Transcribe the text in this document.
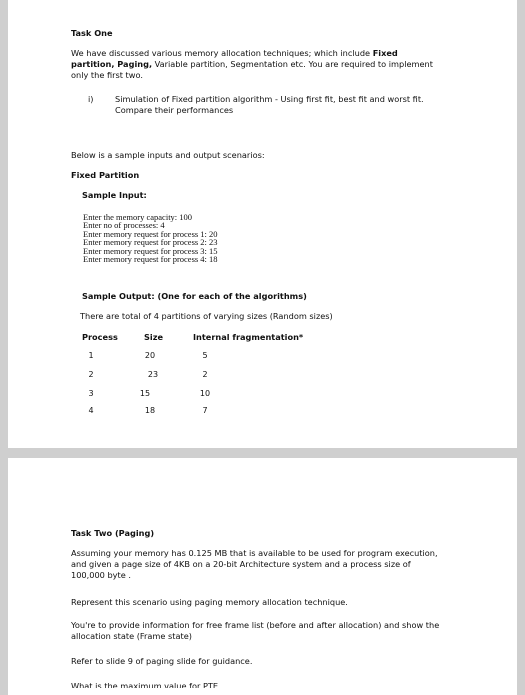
Task One
We have discussed various memory allocation techniques; which include Fixed partition, Paging, Variable partition, Segmentation etc. You are required to implement only the first two.
i)	Simulation of Fixed partition algorithm - Using first fit, best fit and worst fit. Compare their performances
Below is a sample inputs and output scenarios:
Fixed Partition
Sample Input:
Enter the memory capacity: 100
Enter no of processes: 4
Enter memory request for process 1: 20
Enter memory request for process 2: 23
Enter memory request for process 3: 15
Enter memory request for process 4: 18
Sample Output: (One for each of the algorithms)
There are total of 4 partitions of varying sizes (Random sizes)
Process	Size	Internal fragmentation*
1	20	5
2	23	2
3	15	10
4	18	7
Task Two (Paging)
Assuming your memory has 0.125 MB that is available to be used for program execution, and given a page size of 4KB on a 20-bit Architecture system and a process size of 100,000 byte .
Represent this scenario using paging memory allocation technique.
You're to provide information for free frame list (before and after allocation) and show the allocation state (Frame state)
Refer to slide 9 of paging slide for guidance.
What is the maximum value for PTE
